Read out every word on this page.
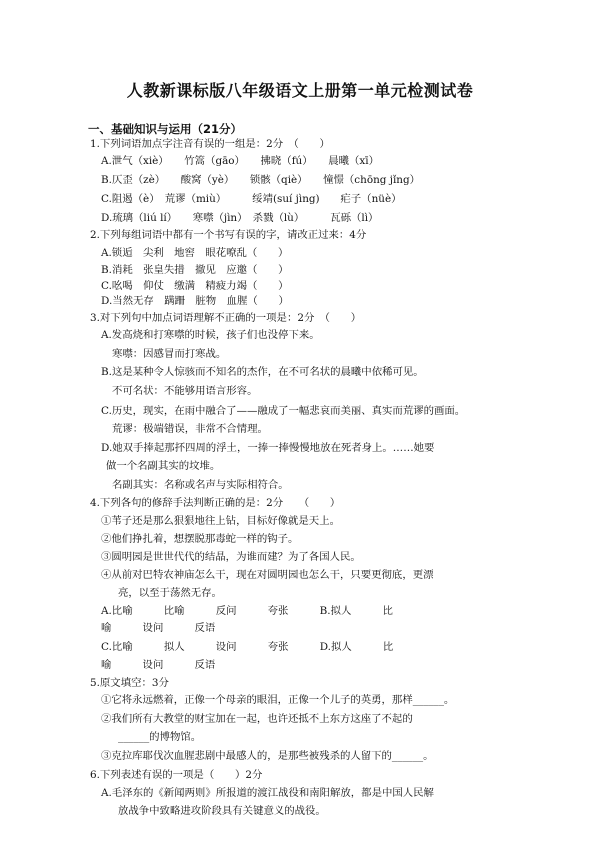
人教新课标版八年级语文上册第一单元检测试卷
一、基础知识与运用（21分）
1.下列词语加点字注音有误的一组是：2分　（　　）
A.泄气（xiè）　　竹篙（gāo）　　拂晓（fú）　　晨曦（xī）
B.仄歪（zè）　　酸窝（yè）　　锁骸（qiè）　　憧憬（chōng jǐng）
C.阻遏（è）　荒谬（miù）　　　绥靖(suí jìng)　　疟子（nüè）
D.琉璃（liú lí）　　寒噤（jìn）　杀戮（lù）　　　瓦砾（lì）
2.下列每组词语中都有一个书写有误的字，请改正过来：4分
A.锁逅　尖利　地窖　眼花嘹乱（　　）
B.消耗　张皇失措　撤见　应邀（　　）
C.吆喝　仰仗　缴满　精疲力竭（　　）
D.当然无存　蹒跚　脏物　血腥（　　）
3.对下列句中加点词语理解不正确的一项是：2分　（　　）
A.发高烧和打寒噤的时候，孩子们也没停下来。
寒噤：因感冒而打寒战。
B.这是某种令人惊骇而不知名的杰作，在不可名状的晨曦中依稀可见。
不可名状：不能够用语言形容。
C.历史，现实，在雨中融合了——融成了一幅悲哀而美丽、真实而荒谬的画面。
荒谬：极端错误，非常不合情理。
D.她双手捧起那抔四周的浮土，一捧一捧慢慢地放在死者身上。……她要
做一个名副其实的坟堆。
名副其实：名称或名声与实际相符合。
4.下列各句的修辞手法判断正确的是：2分　　（　　）
①苇子还是那么狠狠地往上钻，目标好像就是天上。
②他们挣扎着，想摆脱那毒蛇一样的钩子。
③圆明园是世世代代的结晶，为谁而建？为了各国人民。
④从前对巴特农神庙怎么干，现在对圆明园也怎么干，只要更彻底，更漂
亮，以至于荡然无存。
A.比喻　　　比喻　　　反问　　　夸张　　　B.拟人　　　比
喻　　　设问　　　反语
C.比喻　　　拟人　　　设问　　　夸张　　　D.拟人　　　比
喻　　　设问　　　反语
5.原文填空：3分
①它将永远燃着，正像一个母亲的眼泪，正像一个儿子的英勇，那样______。
②我们所有大教堂的财宝加在一起，也许还抵不上东方这座了不起的
______的博物馆。
③克拉库耶伐次血腥悲剧中最感人的，是那些被残杀的人留下的______。
6.下列表述有误的一项是（　　）2分
A.毛泽东的《新闻两则》所报道的渡江战役和南阳解放，都是中国人民解
放战争中致略进攻阶段具有关键意义的战役。
